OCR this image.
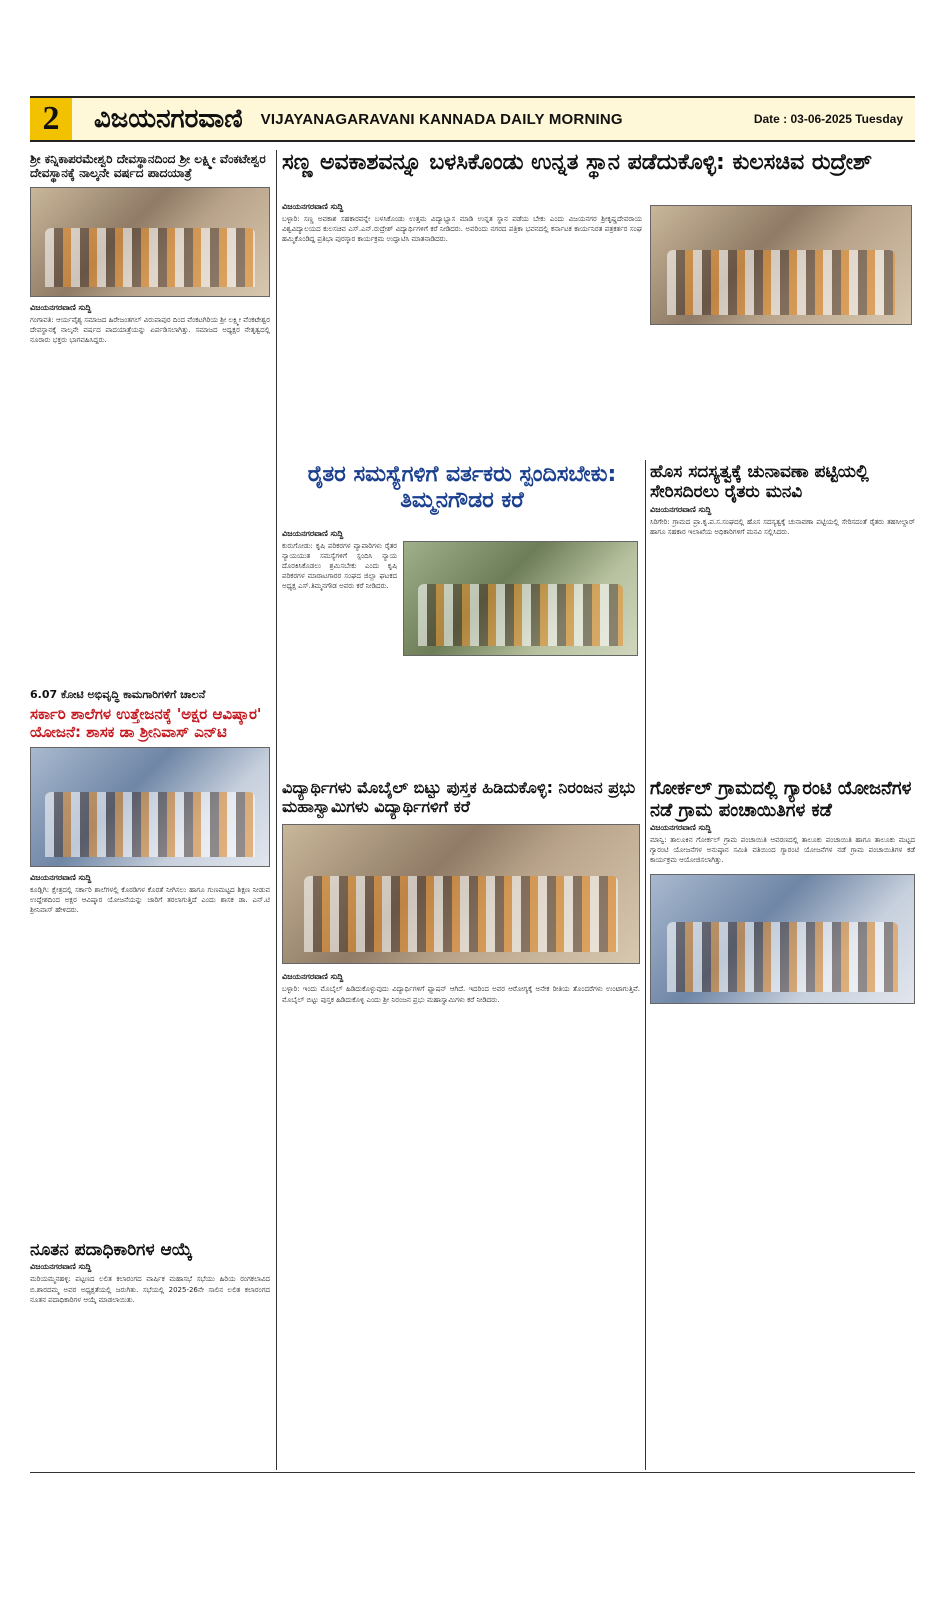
2	ವಿಜಯನಗರವಾಣಿ VIJAYANAGARAVANI KANNADA DAILY MORNING	Date : 03-06-2025 Tuesday
ಶ್ರೀ ಕನ್ನಿಕಾಪರಮೇಶ್ವರಿ ದೇವಸ್ಥಾನದಿಂದ ಶ್ರೀ ಲಕ್ಷ್ಮೀ ವೆಂಕಟೇಶ್ವರ ದೇವಸ್ಥಾನಕ್ಕೆ ನಾಲ್ಕನೇ ವರ್ಷದ ಪಾದಯಾತ್ರೆ
ವಿಜಯನಗರವಾಣಿ ಸುದ್ದಿ
ಗಂಗಾವತಿ: ಆರ್ಯವೈಶ್ಯ ಸಮಾಜದ ಹಿರೇಜಂತಗಲ್ ವಿರುಪಾಪುರ ದಿಂದ ವೆಂಕಟಗಿರಿಯ ಶ್ರೀ ಲಕ್ಷ್ಮೀ ವೆಂಕಟೇಶ್ವರ ದೇವಸ್ಥಾನಕ್ಕೆ ನಾಲ್ಕನೇ ವರ್ಷದ ಪಾದಯಾತ್ರೆಯನ್ನು ಏರ್ಪಡಿಸಲಾಗಿತ್ತು. ಸಮಾಜದ ಅಧ್ಯಕ್ಷರ ನೇತೃತ್ವದಲ್ಲಿ ನೂರಾರು ಭಕ್ತರು ಭಾಗವಹಿಸಿದ್ದರು.
ಸಣ್ಣ ಅವಕಾಶವನ್ನೂ ಬಳಸಿಕೊಂಡು ಉನ್ನತ ಸ್ಥಾನ ಪಡೆದುಕೊಳ್ಳಿ: ಕುಲಸಚಿವ ರುದ್ರೇಶ್
ವಿಜಯನಗರವಾಣಿ ಸುದ್ದಿ
ಬಳ್ಳಾರಿ: ಸಣ್ಣ ಅವಕಾಶ ಸಹಕಾರವನ್ನೇ ಬಳಸಿಕೊಂಡು ಉತ್ತಮ ವಿದ್ಯಾಭ್ಯಾಸ ಮಾಡಿ ಉನ್ನತ ಸ್ಥಾನ ಪಡೆಯ ಬೇಕು ಎಂದು ವಿಜಯನಗರ ಶ್ರೀಕೃಷ್ಣದೇವರಾಯ ವಿಶ್ವವಿದ್ಯಾಲಯದ ಕುಲಸಚಿವ ಎಸ್.ಎನ್.ರುದ್ರೇಶ್ ವಿದ್ಯಾರ್ಥಿಗಳಿಗೆ ಕರೆ ನೀಡಿದರು. ಅವರಿಂದು ನಗರದ ಪತ್ರಿಕಾ ಭವನದಲ್ಲಿ ಕರ್ನಾಟಕ ಕಾರ್ಯನಿರತ ಪತ್ರಕರ್ತರ ಸಂಘ ಹಮ್ಮಿಕೊಂಡಿದ್ದ ಪ್ರತಿಭಾ ಪುರಸ್ಕಾರ ಕಾರ್ಯಕ್ರಮ ಉದ್ಘಾಟಿಸಿ ಮಾತನಾಡಿದರು.
ರೈತರ ಸಮಸ್ಯೆಗಳಿಗೆ ವರ್ತಕರು ಸ್ಪಂದಿಸಬೇಕು: ತಿಮ್ಮನಗೌಡರ ಕರೆ
ವಿಜಯನಗರವಾಣಿ ಸುದ್ದಿ
ಕುರುಗೋಡು: ಕೃಷಿ ಪರಿಕರಗಳ ವ್ಯಾಪಾರಿಗಳು ರೈತರ ನ್ಯಾಯಯುತ ಸಮಸ್ಯೆಗಳಿಗೆ ಸ್ಪಂದಿಸಿ ನ್ಯಾಯ ದೊರಕಿಸಿಕೊಡಲು ಶ್ರಮಿಸಬೇಕು ಎಂದು ಕೃಷಿ ಪರಿಕರಗಳ ಮಾರಾಟಗಾರರ ಸಂಘದ ಜಿಲ್ಲಾ ಘಟಕದ ಅಧ್ಯಕ್ಷ ಎಸ್.ತಿಮ್ಮನಗೌಡ ಅವರು ಕರೆ ನೀಡಿದರು.
ಹೊಸ ಸದಸ್ಯತ್ವಕ್ಕೆ ಚುನಾವಣಾ ಪಟ್ಟಿಯಲ್ಲಿ ಸೇರಿಸದಿರಲು ರೈತರು ಮನವಿ
ವಿಜಯನಗರವಾಣಿ ಸುದ್ದಿ
ಸಿರಿಗೇರಿ: ಗ್ರಾಮದ ಪ್ರಾ.ಕೃ.ಪ.ಸ.ಸಂಘದಲ್ಲಿ ಹೊಸ ಸದಸ್ಯತ್ವಕ್ಕೆ ಚುನಾವಣಾ ಪಟ್ಟಿಯಲ್ಲಿ ಸೇರಿಸದಂತೆ ರೈತರು ತಹಸೀಲ್ದಾರ್ ಹಾಗೂ ಸಹಕಾರ ಇಲಾಖೆಯ ಅಧಿಕಾರಿಗಳಿಗೆ ಮನವಿ ಸಲ್ಲಿಸಿದರು.
6.07 ಕೋಟಿ ಅಭಿವೃದ್ಧಿ ಕಾಮಗಾರಿಗಳಿಗೆ ಚಾಲನೆ
ಸರ್ಕಾರಿ ಶಾಲೆಗಳ ಉತ್ತೇಜನಕ್ಕೆ 'ಅಕ್ಷರ ಆವಿಷ್ಕಾರ' ಯೋಜನೆ: ಶಾಸಕ ಡಾ ಶ್ರೀನಿವಾಸ್ ಎನ್‌ಟಿ
ವಿಜಯನಗರವಾಣಿ ಸುದ್ದಿ
ಕೂಡ್ಲಿಗಿ: ಕ್ಷೇತ್ರದಲ್ಲಿ ಸರ್ಕಾರಿ ಶಾಲೆಗಳಲ್ಲಿ ಕೊಠಡಿಗಳ ಕೊರತೆ ನೀಗಿಸಲು ಹಾಗೂ ಗುಣಮಟ್ಟದ ಶಿಕ್ಷಣ ನೀಡುವ ಉದ್ದೇಶದಿಂದ ಅಕ್ಷರ ಆವಿಷ್ಕಾರ ಯೋಜನೆಯನ್ನು ಜಾರಿಗೆ ತರಲಾಗುತ್ತಿದೆ ಎಂದು ಶಾಸಕ ಡಾ. ಎನ್.ಟಿ ಶ್ರೀನಿವಾಸ್ ಹೇಳಿದರು.
ವಿದ್ಯಾರ್ಥಿಗಳು ಮೊಬೈಲ್ ಬಿಟ್ಟು ಪುಸ್ತಕ ಹಿಡಿದುಕೊಳ್ಳಿ: ನಿರಂಜನ ಪ್ರಭು ಮಹಾಸ್ವಾಮಿಗಳು ವಿದ್ಯಾರ್ಥಿಗಳಿಗೆ ಕರೆ
ವಿಜಯನಗರವಾಣಿ ಸುದ್ದಿ
ಬಳ್ಳಾರಿ: ಇಂದು ಮೊಬೈಲ್ ಹಿಡಿದುಕೊಳ್ಳುವುದು ವಿದ್ಯಾರ್ಥಿಗಳಿಗೆ ಫ್ಯಾಷನ್ ಆಗಿದೆ. ಇದರಿಂದ ಅವರ ಆರೋಗ್ಯಕ್ಕೆ ಅನೇಕ ರೀತಿಯ ತೊಂದರೆಗಳು ಉಂಟಾಗುತ್ತಿವೆ. ಮೊಬೈಲ್ ಬಿಟ್ಟು ಪುಸ್ತಕ ಹಿಡಿದುಕೊಳ್ಳಿ ಎಂದು ಶ್ರೀ ನಿರಂಜನ ಪ್ರಭು ಮಹಾಸ್ವಾಮಿಗಳು ಕರೆ ನೀಡಿದರು.
ಗೋರ್ಕಲ್ ಗ್ರಾಮದಲ್ಲಿ ಗ್ಯಾರಂಟಿ ಯೋಜನೆಗಳ ನಡೆ ಗ್ರಾಮ ಪಂಚಾಯಿತಿಗಳ ಕಡೆ
ವಿಜಯನಗರವಾಣಿ ಸುದ್ದಿ
ಮಾನ್ವಿ: ತಾಲೂಕಿನ ಗೋರ್ಕಲ್ ಗ್ರಾಮ ಪಂಚಾಯಿತಿ ಆವರಣದಲ್ಲಿ ತಾಲೂಕು ಪಂಚಾಯಿತಿ ಹಾಗೂ ತಾಲೂಕು ಮಟ್ಟದ ಗ್ಯಾರಂಟಿ ಯೋಜನೆಗಳ ಅನುಷ್ಠಾನ ಸಮಿತಿ ವತಿಯಿಂದ ಗ್ಯಾರಂಟಿ ಯೋಜನೆಗಳ ನಡೆ ಗ್ರಾಮ ಪಂಚಾಯಿತಿಗಳ ಕಡೆ ಕಾರ್ಯಕ್ರಮ ಆಯೋಜಿಸಲಾಗಿತ್ತು.
ನೂತನ ಪದಾಧಿಕಾರಿಗಳ ಆಯ್ಕೆ
ವಿಜಯನಗರವಾಣಿ ಸುದ್ದಿ
ಮರಿಯಮ್ಮನಹಳ್ಳಿ: ಪಟ್ಟಣದ ಲಲಿತ ಕಲಾರಂಗದ ವಾರ್ಷಿಕ ಮಹಾಸಭೆ ಸಭೆಯು ಹಿರಿಯ ರಂಗಕಲಾವಿದ ಬಿ.ಶಾರದಮ್ಮ ಅವರ ಅಧ್ಯಕ್ಷತೆಯಲ್ಲಿ ಜರುಗಿತು. ಸಭೆಯಲ್ಲಿ 2025-26ನೇ ಸಾಲಿನ ಲಲಿತ ಕಲಾರಂಗದ ನೂತನ ಪದಾಧಿಕಾರಿಗಳ ಆಯ್ಕೆ ಮಾಡಲಾಯಿತು.
